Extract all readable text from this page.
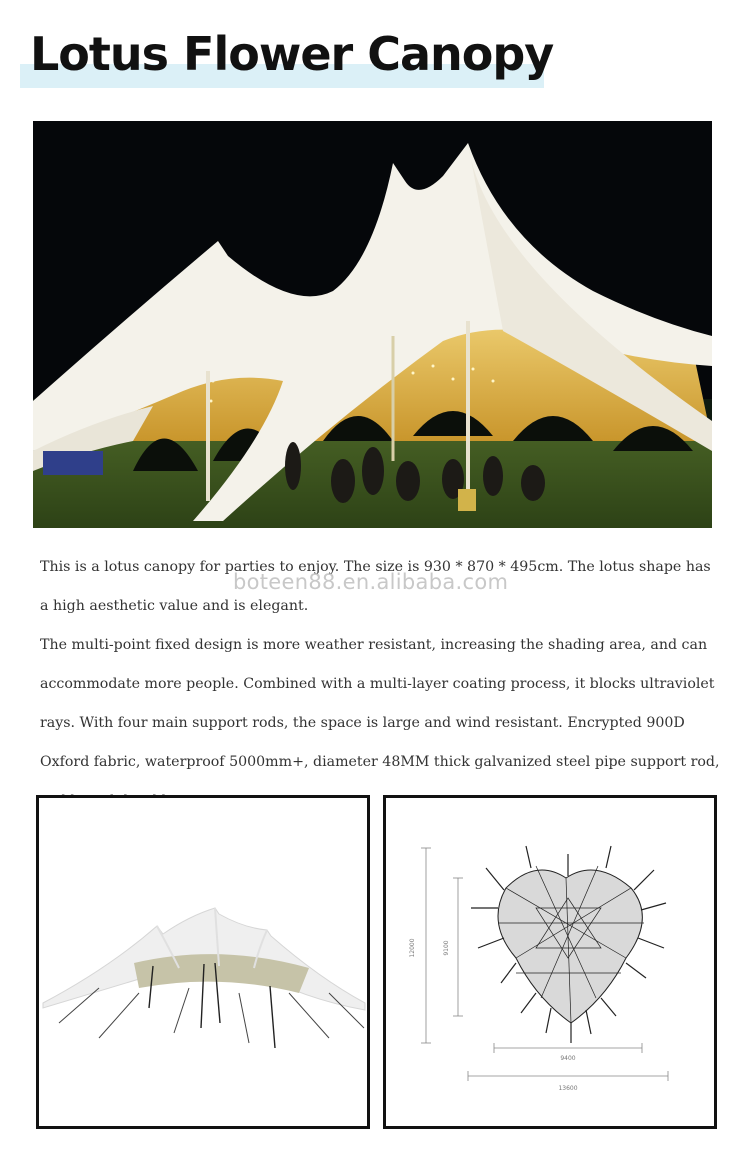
Lotus Flower Canopy

This is a lotus canopy for parties to enjoy. The size is 930 * 870 * 495cm. The lotus shape has a high aesthetic value and is elegant.

The multi-point fixed design is more weather resistant, increasing the shading area, and can accommodate more people. Combined with a multi-layer coating process, it blocks ultraviolet rays. With four main support rods, the space is large and wind resistant. Encrypted 900D Oxford fabric, waterproof 5000mm+, diameter 48MM thick galvanized steel pipe support rod,

boteen88.en.alibaba.com
12000	9100
9400
13600
